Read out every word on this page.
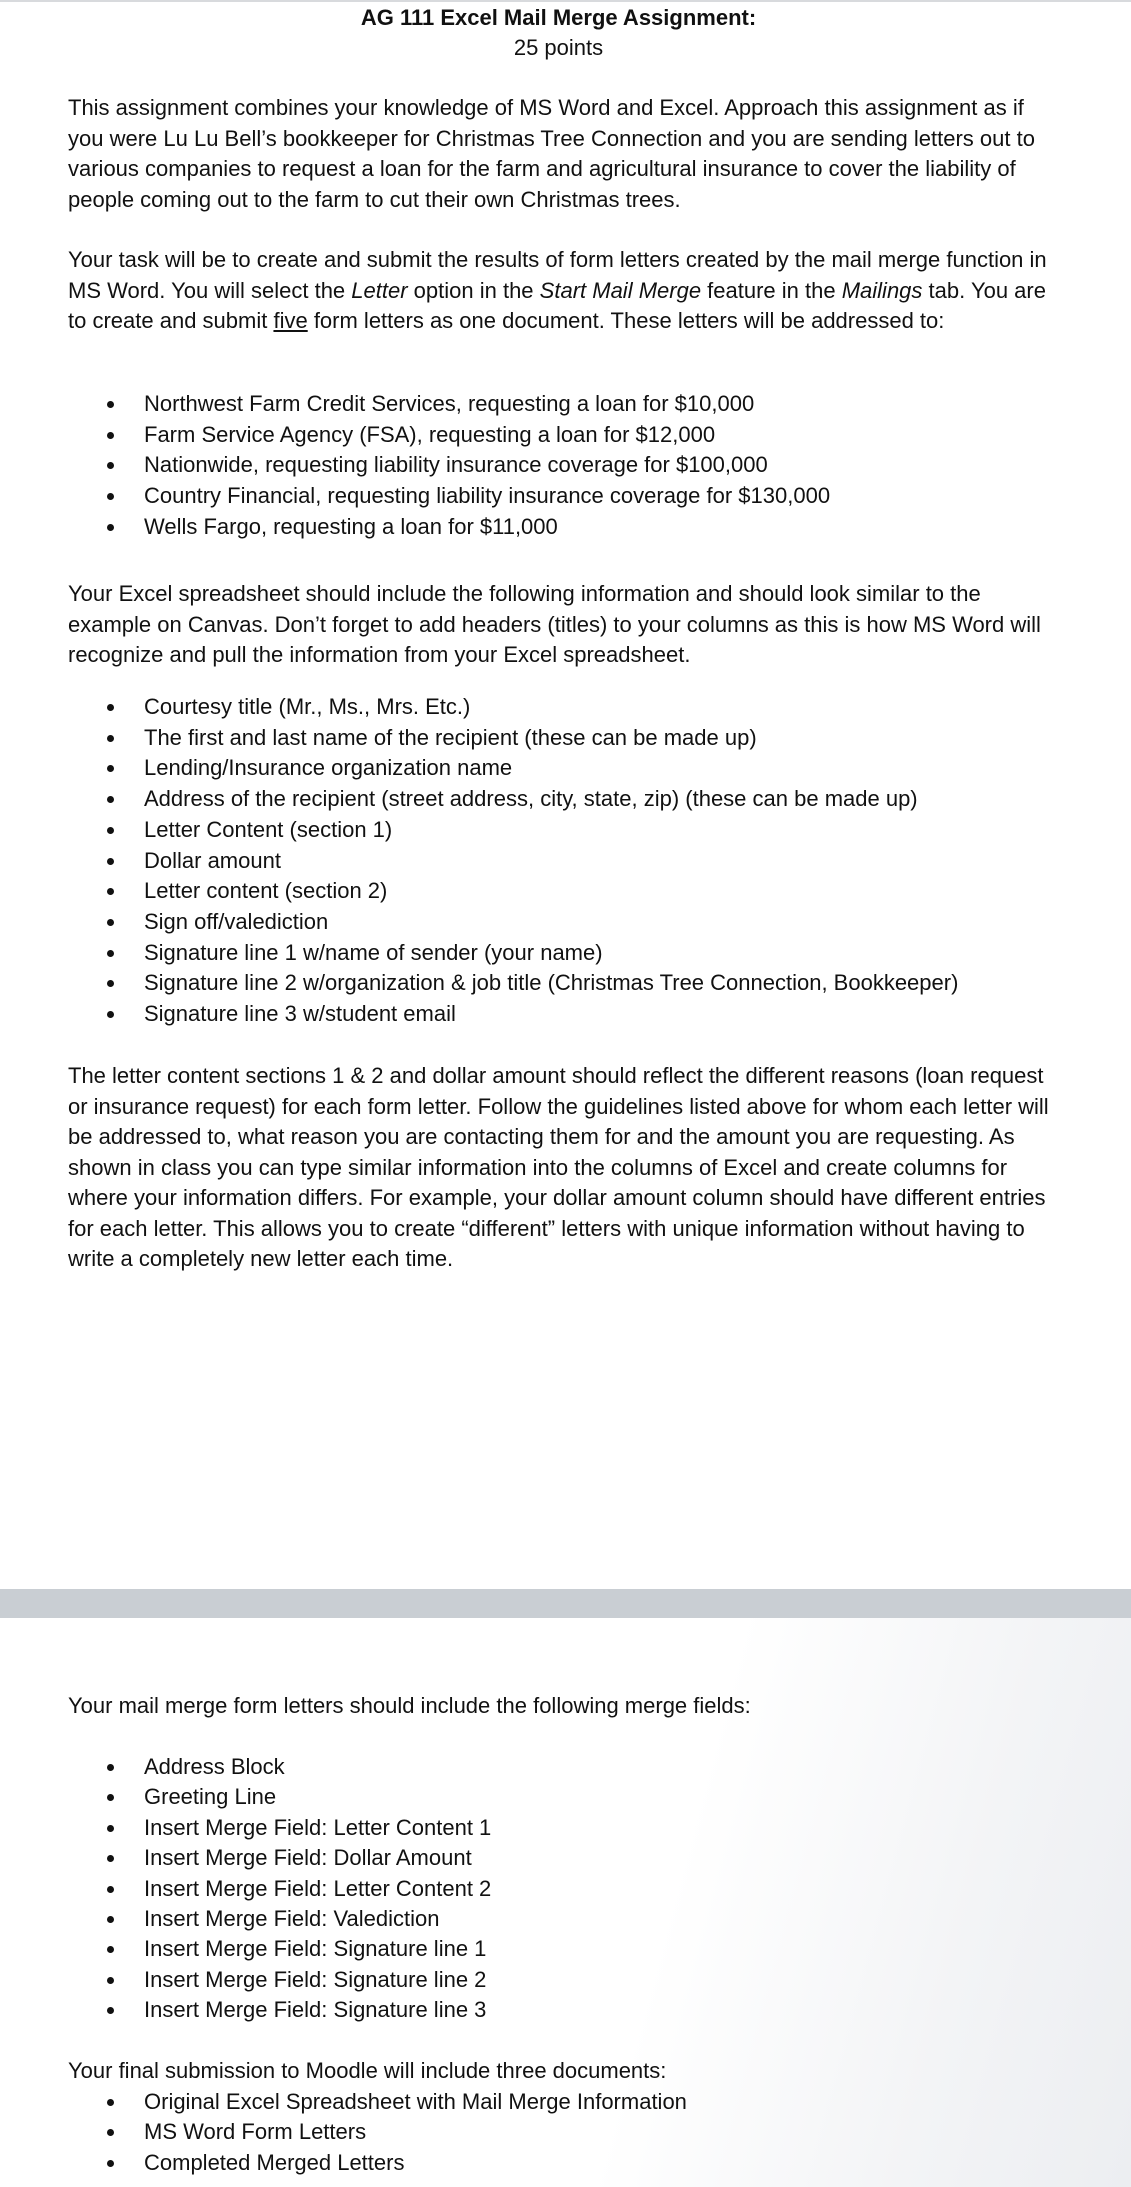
AG 111 Excel Mail Merge Assignment:
25 points

This assignment combines your knowledge of MS Word and Excel. Approach this assignment as if you were Lu Lu Bell’s bookkeeper for Christmas Tree Connection and you are sending letters out to various companies to request a loan for the farm and agricultural insurance to cover the liability of people coming out to the farm to cut their own Christmas trees.

Your task will be to create and submit the results of form letters created by the mail merge function in MS Word. You will select the Letter option in the Start Mail Merge feature in the Mailings tab. You are to create and submit five form letters as one document. These letters will be addressed to:

Northwest Farm Credit Services, requesting a loan for $10,000
Farm Service Agency (FSA), requesting a loan for $12,000
Nationwide, requesting liability insurance coverage for $100,000
Country Financial, requesting liability insurance coverage for $130,000
Wells Fargo, requesting a loan for $11,000

Your Excel spreadsheet should include the following information and should look similar to the example on Canvas. Don’t forget to add headers (titles) to your columns as this is how MS Word will recognize and pull the information from your Excel spreadsheet.

Courtesy title (Mr., Ms., Mrs. Etc.)
The first and last name of the recipient (these can be made up)
Lending/Insurance organization name
Address of the recipient (street address, city, state, zip) (these can be made up)
Letter Content (section 1)
Dollar amount
Letter content (section 2)
Sign off/valediction
Signature line 1 w/name of sender (your name)
Signature line 2 w/organization & job title (Christmas Tree Connection, Bookkeeper)
Signature line 3 w/student email

The letter content sections 1 & 2 and dollar amount should reflect the different reasons (loan request or insurance request) for each form letter. Follow the guidelines listed above for whom each letter will be addressed to, what reason you are contacting them for and the amount you are requesting. As shown in class you can type similar information into the columns of Excel and create columns for where your information differs. For example, your dollar amount column should have different entries for each letter. This allows you to create “different” letters with unique information without having to write a completely new letter each time.

Your mail merge form letters should include the following merge fields:

Address Block
Greeting Line
Insert Merge Field: Letter Content 1
Insert Merge Field: Dollar Amount
Insert Merge Field: Letter Content 2
Insert Merge Field: Valediction
Insert Merge Field: Signature line 1
Insert Merge Field: Signature line 2
Insert Merge Field: Signature line 3

Your final submission to Moodle will include three documents:

Original Excel Spreadsheet with Mail Merge Information
MS Word Form Letters
Completed Merged Letters
